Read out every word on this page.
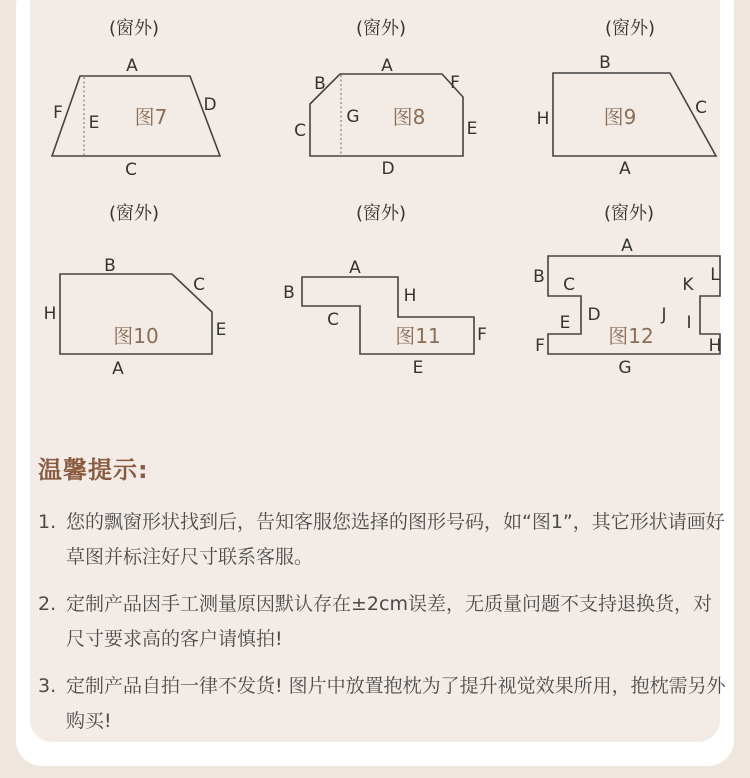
(窗外)
A
D
F E
C
图7
(窗外)
A
B	F
G
C	E
D
图8
(窗外)
B
H
C
A
图9
(窗外)
B
C
H
E
A
图10
(窗外)
A
B	H
C
F
E
图11
(窗外)
A
B C	L
K
D	J
E	I
F	H
G
图12
温馨提示:
1. 您的飘窗形状找到后，告知客服您选择的图形号码，如“图1”，其它形状请画好草图并标注好尺寸联系客服。
2. 定制产品因手工测量原因默认存在±2cm误差，无质量问题不支持退换货，对尺寸要求高的客户请慎拍!
3. 定制产品自拍一律不发货! 图片中放置抱枕为了提升视觉效果所用，抱枕需另外购买!
